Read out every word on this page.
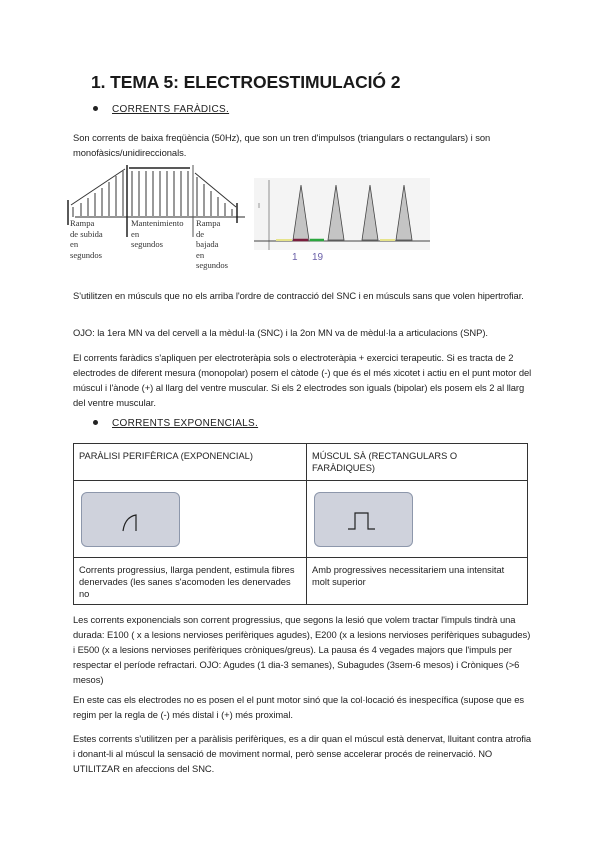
1. TEMA 5: ELECTROESTIMULACIÓ 2
CORRENTS FARÀDICS.
Son corrents de baixa freqüència (50Hz), que son un tren d'impulsos (triangulars o rectangulars) i son monofàsics/unidireccionals.
Rampa
de subida
en
segundos
Mantenimiento
en
segundos
Rampa
de
bajada
en
segundos
1 19
S'utilitzen en músculs que no els arriba l'ordre de contracció del SNC i en músculs sans que volen hipertrofiar.
OJO: la 1era MN va del cervell a la mèdul·la (SNC) i la 2on MN va de mèdul·la a articulacions (SNP).
El corrents faràdics s'apliquen per electroteràpia sols o electroteràpia + exercici terapeutic. Si es tracta de 2 electrodes de diferent mesura (monopolar) posem el càtode (-) que és el més xicotet i actiu en el punt motor del múscul i l'ànode (+) al llarg del ventre muscular. Si els 2 electrodes son iguals (bipolar) els posem els 2 al llarg del ventre muscular.
CORRENTS EXPONENCIALS.
PARÀLISI PERIFÈRICA (EXPONENCIAL)	MÚSCUL SÀ (RECTANGULARS O FARÀDIQUES)

Corrents progressius, llarga pendent, estimula fibres denervades (les sanes s'acomoden les denervades no	Amb progressives necessitariem una intensitat molt superior
Les corrents exponencials son corrent progressius, que segons la lesió que volem tractar l'impuls tindrà una durada: E100 ( x a lesions nervioses perifèriques agudes), E200 (x a lesions nervioses perifèriques subagudes) i E500 (x a lesions nervioses perifèriques cròniques/greus). La pausa és 4 vegades majors que l'impuls per respectar el període refractari. OJO: Agudes (1 dia-3 semanes), Subagudes (3sem-6 mesos) i Cròniques (>6 mesos)
En este cas els electrodes no es posen el el punt motor sinó que la col·locació és inespecífica (supose que es regim per la regla de (-) més distal i (+) més proximal.
Estes corrents s'utilitzen per a paràlisis perifèriques, es a dir quan el múscul està denervat, lluitant contra atrofia i donant-li al múscul la sensació de moviment normal, però sense accelerar procés de reinervació. NO UTILITZAR en afeccions del SNC.
